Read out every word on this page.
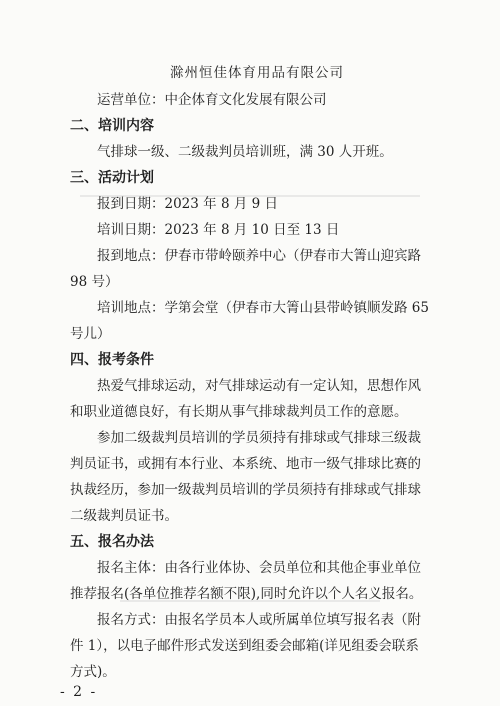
滁州恒佳体育用品有限公司
运营单位：中企体育文化发展有限公司
二、培训内容
气排球一级、二级裁判员培训班，满 30 人开班。
三、活动计划
报到日期：2023 年 8 月 9 日
培训日期：2023 年 8 月 10 日至 13 日
报到地点：伊春市带岭颐养中心（伊春市大箐山迎宾路
98 号）
培训地点：学第会堂（伊春市大箐山县带岭镇顺发路 65
号儿）
四、报考条件
热爱气排球运动，对气排球运动有一定认知，思想作风
和职业道德良好，有长期从事气排球裁判员工作的意愿。
参加二级裁判员培训的学员须持有排球或气排球三级裁
判员证书，或拥有本行业、本系统、地市一级气排球比赛的
执裁经历，参加一级裁判员培训的学员须持有排球或气排球
二级裁判员证书。
五、报名办法
报名主体：由各行业体协、会员单位和其他企事业单位
推荐报名(各单位推荐名额不限),同时允许以个人名义报名。
报名方式：由报名学员本人或所属单位填写报名表（附
件 1），以电子邮件形式发送到组委会邮箱(详见组委会联系
方式)。
- 2 -
